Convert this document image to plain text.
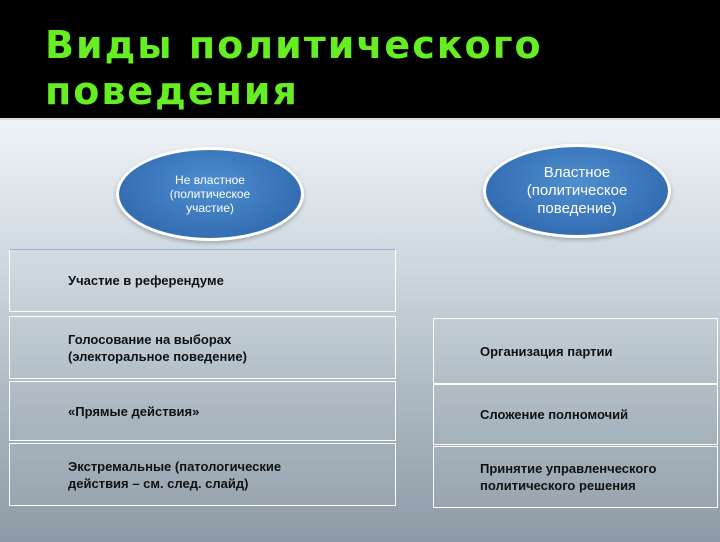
Виды политического
поведения
Не властное
(политическое
участие)
Властное
(политическое
поведение)
Участие в референдуме
Голосование на выборах
(электоральное поведение)
«Прямые действия»
Экстремальные (патологические
действия – см. след. слайд)
Организация партии
Сложение полномочий
Принятие управленческого
политического решения
